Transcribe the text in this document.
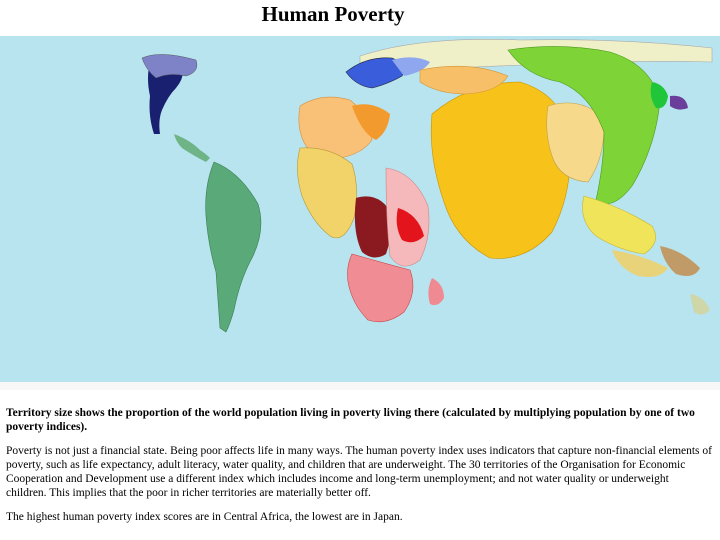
Human Poverty

Territory size shows the proportion of the world population living in poverty living there (calculated by multiplying population by one of two poverty indices).

Poverty is not just a financial state. Being poor affects life in many ways. The human poverty index uses indicators that capture non-financial elements of poverty, such as life expectancy, adult literacy, water quality, and children that are underweight. The 30 territories of the Organisation for Economic Cooperation and Development use a different index which includes income and long-term unemployment; and not water quality or underweight children. This implies that the poor in richer territories are materially better off.

The highest human poverty index scores are in Central Africa, the lowest are in Japan.
